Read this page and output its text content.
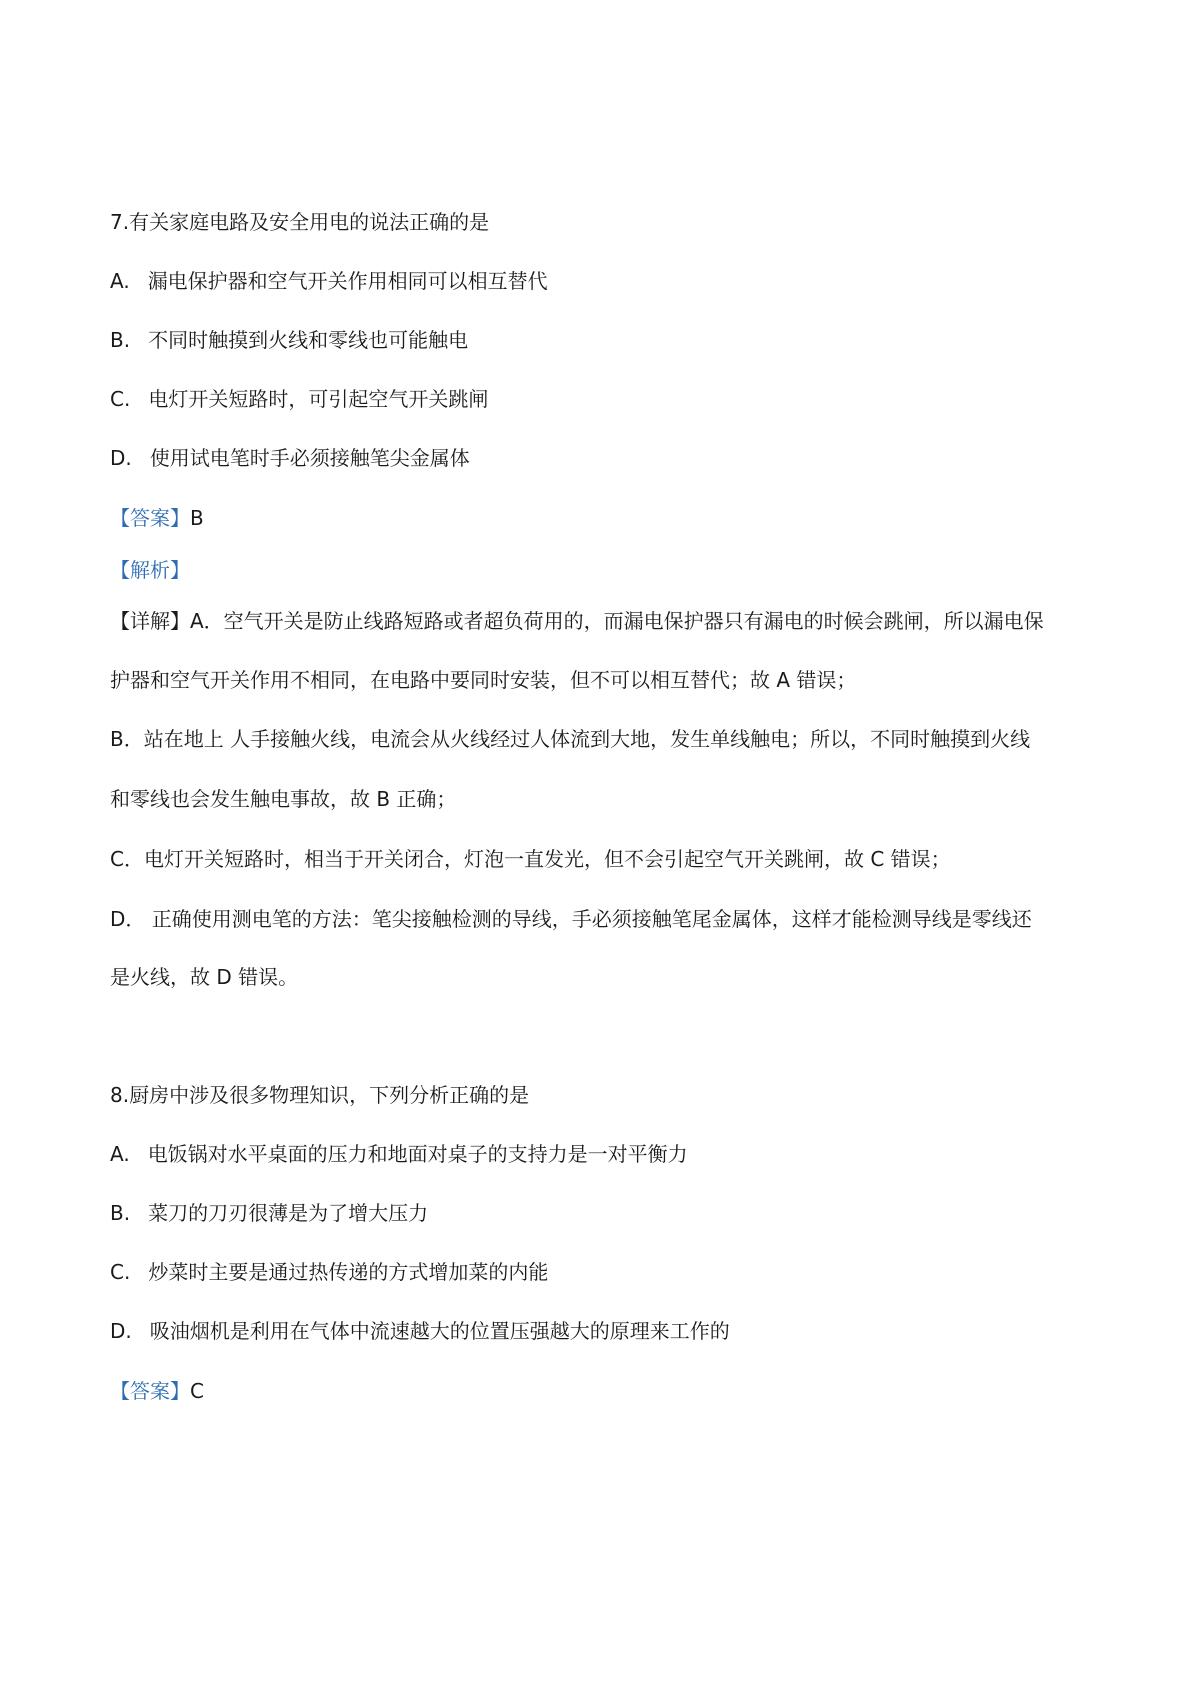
7.有关家庭电路及安全用电的说法正确的是
A. 漏电保护器和空气开关作用相同可以相互替代
B. 不同时触摸到火线和零线也可能触电
C. 电灯开关短路时，可引起空气开关跳闸
D. 使用试电笔时手必须接触笔尖金属体
【答案】B
【解析】
【详解】A．空气开关是防止线路短路或者超负荷用的，而漏电保护器只有漏电的时候会跳闸，所以漏电保
护器和空气开关作用不相同，在电路中要同时安装，但不可以相互替代；故 A 错误；
B．站在地上 人手接触火线，电流会从火线经过人体流到大地，发生单线触电；所以，不同时触摸到火线
和零线也会发生触电事故，故 B 正确；
C．电灯开关短路时，相当于开关闭合，灯泡一直发光，但不会引起空气开关跳闸，故 C 错误；
D． 正确使用测电笔的方法：笔尖接触检测的导线，手必须接触笔尾金属体，这样才能检测导线是零线还
是火线，故 D 错误。
8.厨房中涉及很多物理知识，下列分析正确的是
A. 电饭锅对水平桌面的压力和地面对桌子的支持力是一对平衡力
B. 菜刀的刀刃很薄是为了增大压力
C. 炒菜时主要是通过热传递的方式增加菜的内能
D. 吸油烟机是利用在气体中流速越大的位置压强越大的原理来工作的
【答案】C
